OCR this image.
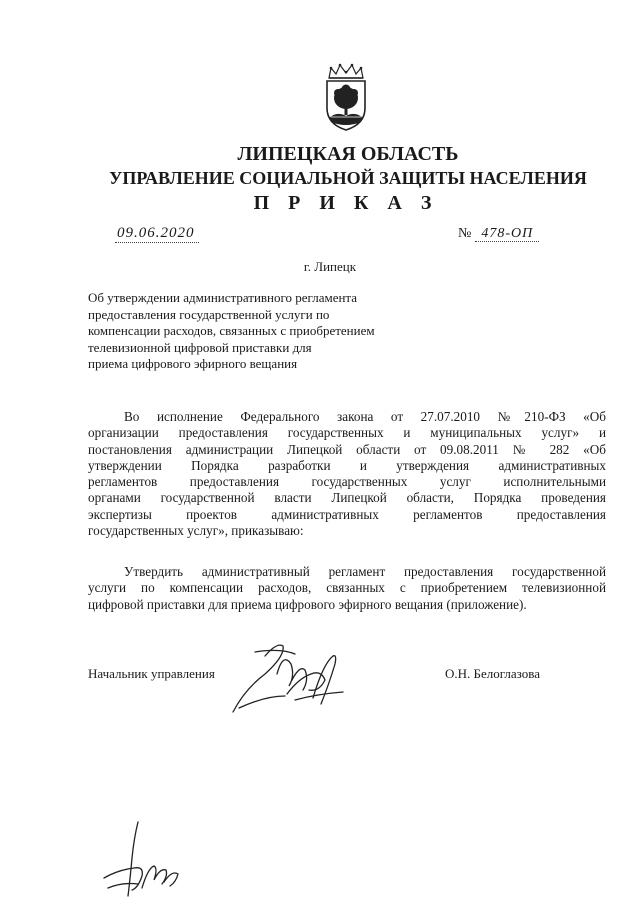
ЛИПЕЦКАЯ ОБЛАСТЬ
УПРАВЛЕНИЕ СОЦИАЛЬНОЙ ЗАЩИТЫ НАСЕЛЕНИЯ
П Р И К А З
09.06.2020	№ 478-ОП
г. Липецк
Об утверждении административного регламента
предоставления государственной услуги по
компенсации расходов, связанных с приобретением
телевизионной цифровой приставки для
приема цифрового эфирного вещания
Во исполнение Федерального закона от 27.07.2010 №210-ФЗ «Об
организации предоставления государственных и муниципальных услуг» и
постановления администрации Липецкой области от 09.08.2011 № 282 «Об
утверждении Порядка разработки и утверждения административных
регламентов предоставления государственных услуг исполнительными
органами государственной власти Липецкой области, Порядка проведения
экспертизы проектов административных регламентов предоставления
государственных услуг», приказываю:
Утвердить административный регламент предоставления государственной
услуги по компенсации расходов, связанных с приобретением телевизионной
цифровой приставки для приема цифрового эфирного вещания (приложение).
Начальник управления	О.Н. Белоглазова
